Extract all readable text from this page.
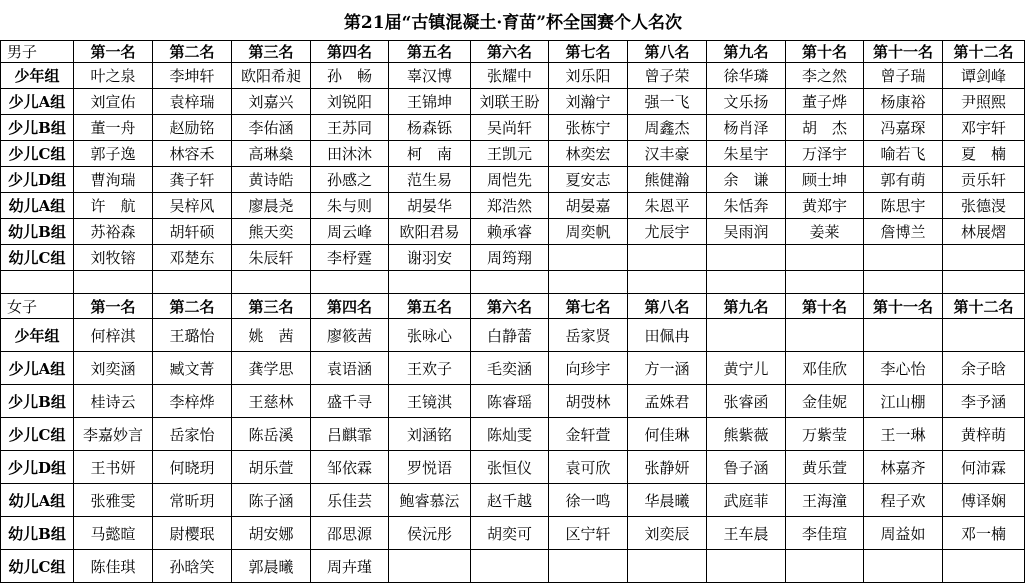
第21届“古镇混凝土·育苗”杯全国赛个人名次
男子	第一名	第二名	第三名	第四名	第五名	第六名	第七名	第八名	第九名	第十名	第十一名	第十二名
少年组	叶之泉	李坤轩	欧阳希昶	孙　畅	辜汉博	张耀中	刘乐阳	曾子荣	徐华璘	李之然	曾子瑞	谭剑峰
少儿A组	刘宣佑	袁梓瑞	刘嘉兴	刘锐阳	王锦坤	刘联王盼	刘瀚宁	强一飞	文乐扬	董子烨	杨康裕	尹照熙
少儿B组	董一舟	赵励铭	李佑涵	王苏同	杨森铄	吴尚轩	张栋宁	周鑫杰	杨肖泽	胡　杰	冯嘉琛	邓宇轩
少儿C组	郭子逸	林容禾	高琳燊	田沐沐	柯　南	王凯元	林奕宏	汉丰豪	朱星宇	万泽宇	喻若飞	夏　楠
少儿D组	曹洵瑞	龚子轩	黄诗皓	孙感之	范生易	周恺先	夏安志	熊健瀚	余　谦	顾士坤	郭有萌	贡乐轩
幼儿A组	许　航	吴梓风	廖晨尧	朱与则	胡晏华	郑浩然	胡晏嘉	朱恩平	朱恬奔	黄郑宇	陈思宇	张德渂
幼儿B组	苏裕森	胡轩硕	熊天奕	周云峰	欧阳君易	赖承睿	周奕帆	尤辰宇	吴雨润	姜莱	詹博兰	林展熠
幼儿C组	刘牧镕	邓楚东	朱辰轩	李杼霆	谢羽安	周筠翔						

女子	第一名	第二名	第三名	第四名	第五名	第六名	第七名	第八名	第九名	第十名	第十一名	第十二名
少年组	何梓淇	王璐怡	姚　茜	廖筱茜	张咏心	白静蕾	岳家贤	田佩冉				
少儿A组	刘奕涵	臧文菁	龚学思	袁语涵	王欢子	毛奕涵	向珍宇	方一涵	黄宁儿	邓佳欣	李心怡	余子晗
少儿B组	桂诗云	李梓烨	王慈林	盛千寻	王镜淇	陈睿瑶	胡弢林	孟姝君	张睿函	金佳妮	江山棚	李予涵
少儿C组	李嘉妙言	岳家怡	陈岳溪	吕麒霏	刘涵铭	陈灿雯	金轩萱	何佳琳	熊紫薇	万紫莹	王一琳	黄梓萌
少儿D组	王书妍	何晓玥	胡乐萱	邹依霖	罗悦语	张恒仪	袁可欣	张静妍	鲁子涵	黄乐萱	林嘉齐	何沛霖
幼儿A组	张雅雯	常昕玥	陈子涵	乐佳芸	鲍睿慕沄	赵千越	徐一鸣	华晨曦	武庭菲	王海潼	程子欢	傅译娴
幼儿B组	马懿暄	尉樱珉	胡安娜	邵思源	侯沅彤	胡奕可	区宁轩	刘奕辰	王车晨	李佳瑄	周益如	邓一楠
幼儿C组	陈佳琪	孙晗笑	郭晨曦	周卉瑾								
